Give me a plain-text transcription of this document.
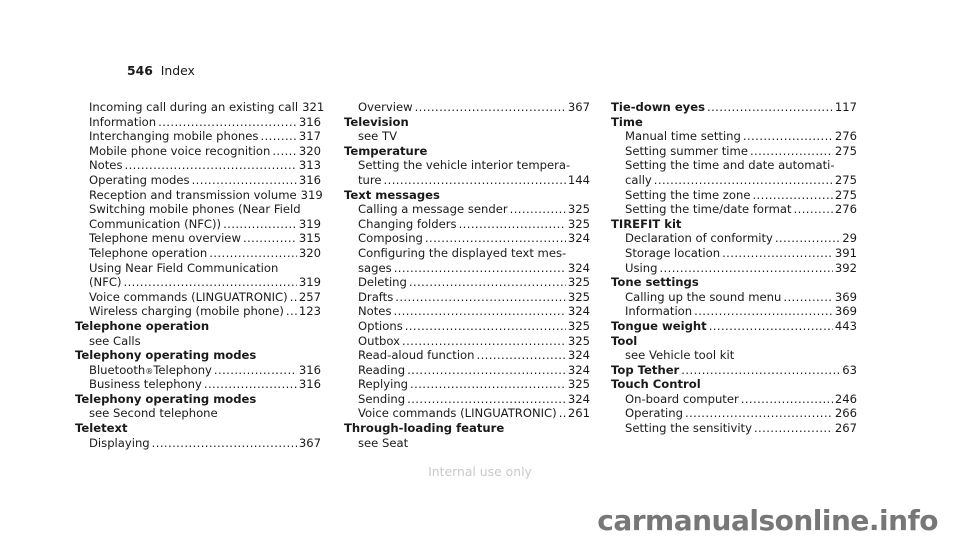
546 Index
Incoming call during an existing call 321
Information .....	316
Interchanging mobile phones .....	317
Mobile phone voice recognition ..... 320
Notes .....	313
Operating modes .....	316
Reception and transmission volume 319
Switching mobile phones (Near Field
Communication (NFC)) .....	319
Telephone menu overview .....	315
Telephone operation .....	320
Using Near Field Communication
(NFC) .....	319
Voice commands (LINGUATRONIC) ..... 257
Wireless charging (mobile phone) ..... 123
Telephone operation
see Calls
Telephony operating modes
Bluetooth ® Telephony .....	316
Business telephony .....	316
Telephony operating modes
see Second telephone
Teletext
Displaying .....	367
Overview .....	367
Television
see TV
Temperature
Setting the vehicle interior tempera-
ture .....	144
Text messages
Calling a message sender .....	325
Changing folders .....	325
Composing .....	324
Configuring the displayed text mes-
sages .....	324
Deleting .....	325
Drafts .....	325
Notes .....	324
Options .....	325
Outbox .....	325
Read-aloud function .....	324
Reading .....	324
Replying .....	325
Sending .....	324
Voice commands (LINGUATRONIC) ..... 261
Through-loading feature
see Seat
Tie-down eyes .....	117
Time
Manual time setting .....	276
Setting summer time .....	275
Setting the time and date automati-
cally .....	275
Setting the time zone .....	275
Setting the time/date format .....	276
TIREFIT kit
Declaration of conformity .....	29
Storage location .....	391
Using .....	392
Tone settings
Calling up the sound menu .....	369
Information .....	369
Tongue weight .....	443
Tool
see Vehicle tool kit
Top Tether .....	63
Touch Control
On-board computer .....	246
Operating .....	266
Setting the sensitivity .....	267
Internal use only
carmanualsonline.info
